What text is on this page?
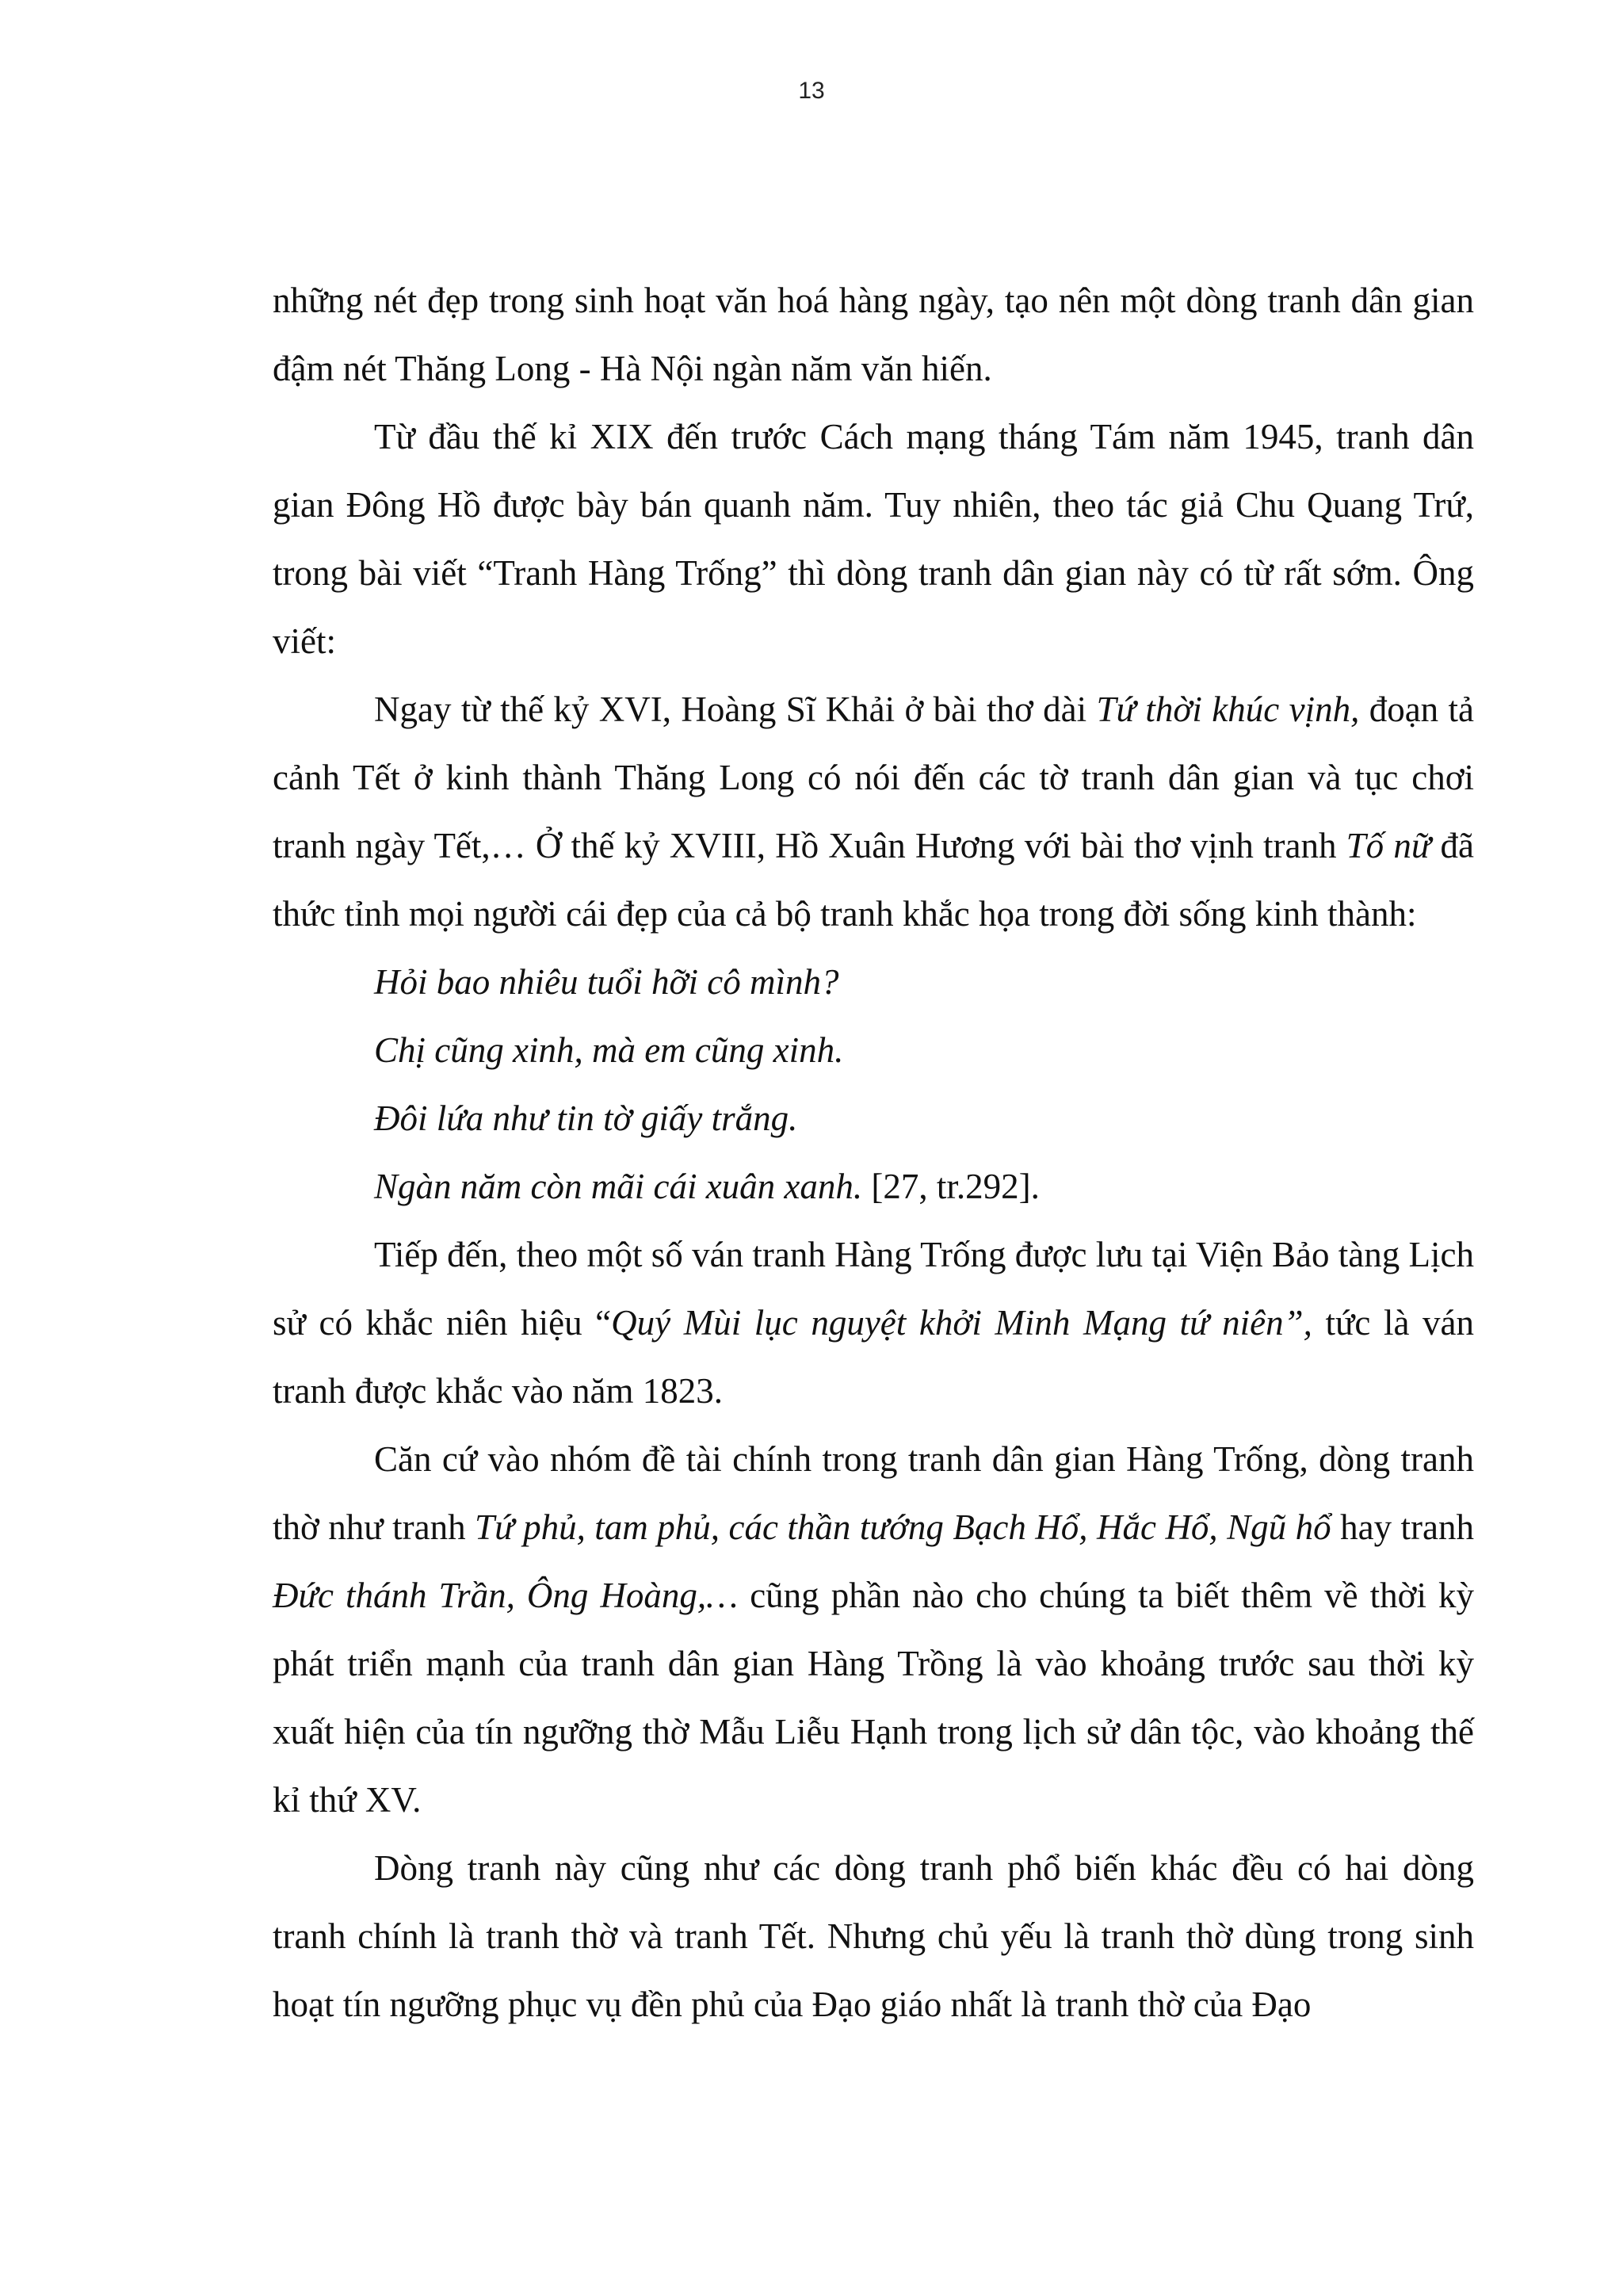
13

những nét đẹp trong sinh hoạt văn hoá hàng ngày, tạo nên một dòng tranh dân gian đậm nét Thăng Long - Hà Nội ngàn năm văn hiến.

Từ đầu thế kỉ XIX đến trước Cách mạng tháng Tám năm 1945, tranh dân gian Đông Hồ được bày bán quanh năm. Tuy nhiên, theo tác giả Chu Quang Trứ, trong bài viết “Tranh Hàng Trống” thì dòng tranh dân gian này có từ rất sớm. Ông viết:

Ngay từ thế kỷ XVI, Hoàng Sĩ Khải ở bài thơ dài Tứ thời khúc vịnh, đoạn tả cảnh Tết ở kinh thành Thăng Long có nói đến các tờ tranh dân gian và tục chơi tranh ngày Tết,… Ở thế kỷ XVIII, Hồ Xuân Hương với bài thơ vịnh tranh Tố nữ đã thức tỉnh mọi người cái đẹp của cả bộ tranh khắc họa trong đời sống kinh thành:

Hỏi bao nhiêu tuổi hỡi cô mình?

Chị cũng xinh, mà em cũng xinh.

Đôi lứa như tin tờ giấy trắng.

Ngàn năm còn mãi cái xuân xanh. [27, tr.292].

Tiếp đến, theo một số ván tranh Hàng Trống được lưu tại Viện Bảo tàng Lịch sử có khắc niên hiệu “Quý Mùi lục nguyệt khởi Minh Mạng tứ niên”, tức là ván tranh được khắc vào năm 1823.

Căn cứ vào nhóm đề tài chính trong tranh dân gian Hàng Trống, dòng tranh thờ như tranh Tứ phủ, tam phủ, các thần tướng Bạch Hổ, Hắc Hổ, Ngũ hổ hay tranh Đức thánh Trần, Ông Hoàng,… cũng phần nào cho chúng ta biết thêm về thời kỳ phát triển mạnh của tranh dân gian Hàng Trồng là vào khoảng trước sau thời kỳ xuất hiện của tín ngưỡng thờ Mẫu Liễu Hạnh trong lịch sử dân tộc, vào khoảng thế kỉ thứ XV.

Dòng tranh này cũng như các dòng tranh phổ biến khác đều có hai dòng tranh chính là tranh thờ và tranh Tết. Nhưng chủ yếu là tranh thờ dùng trong sinh hoạt tín ngưỡng phục vụ đền phủ của Đạo giáo nhất là tranh thờ của Đạo
